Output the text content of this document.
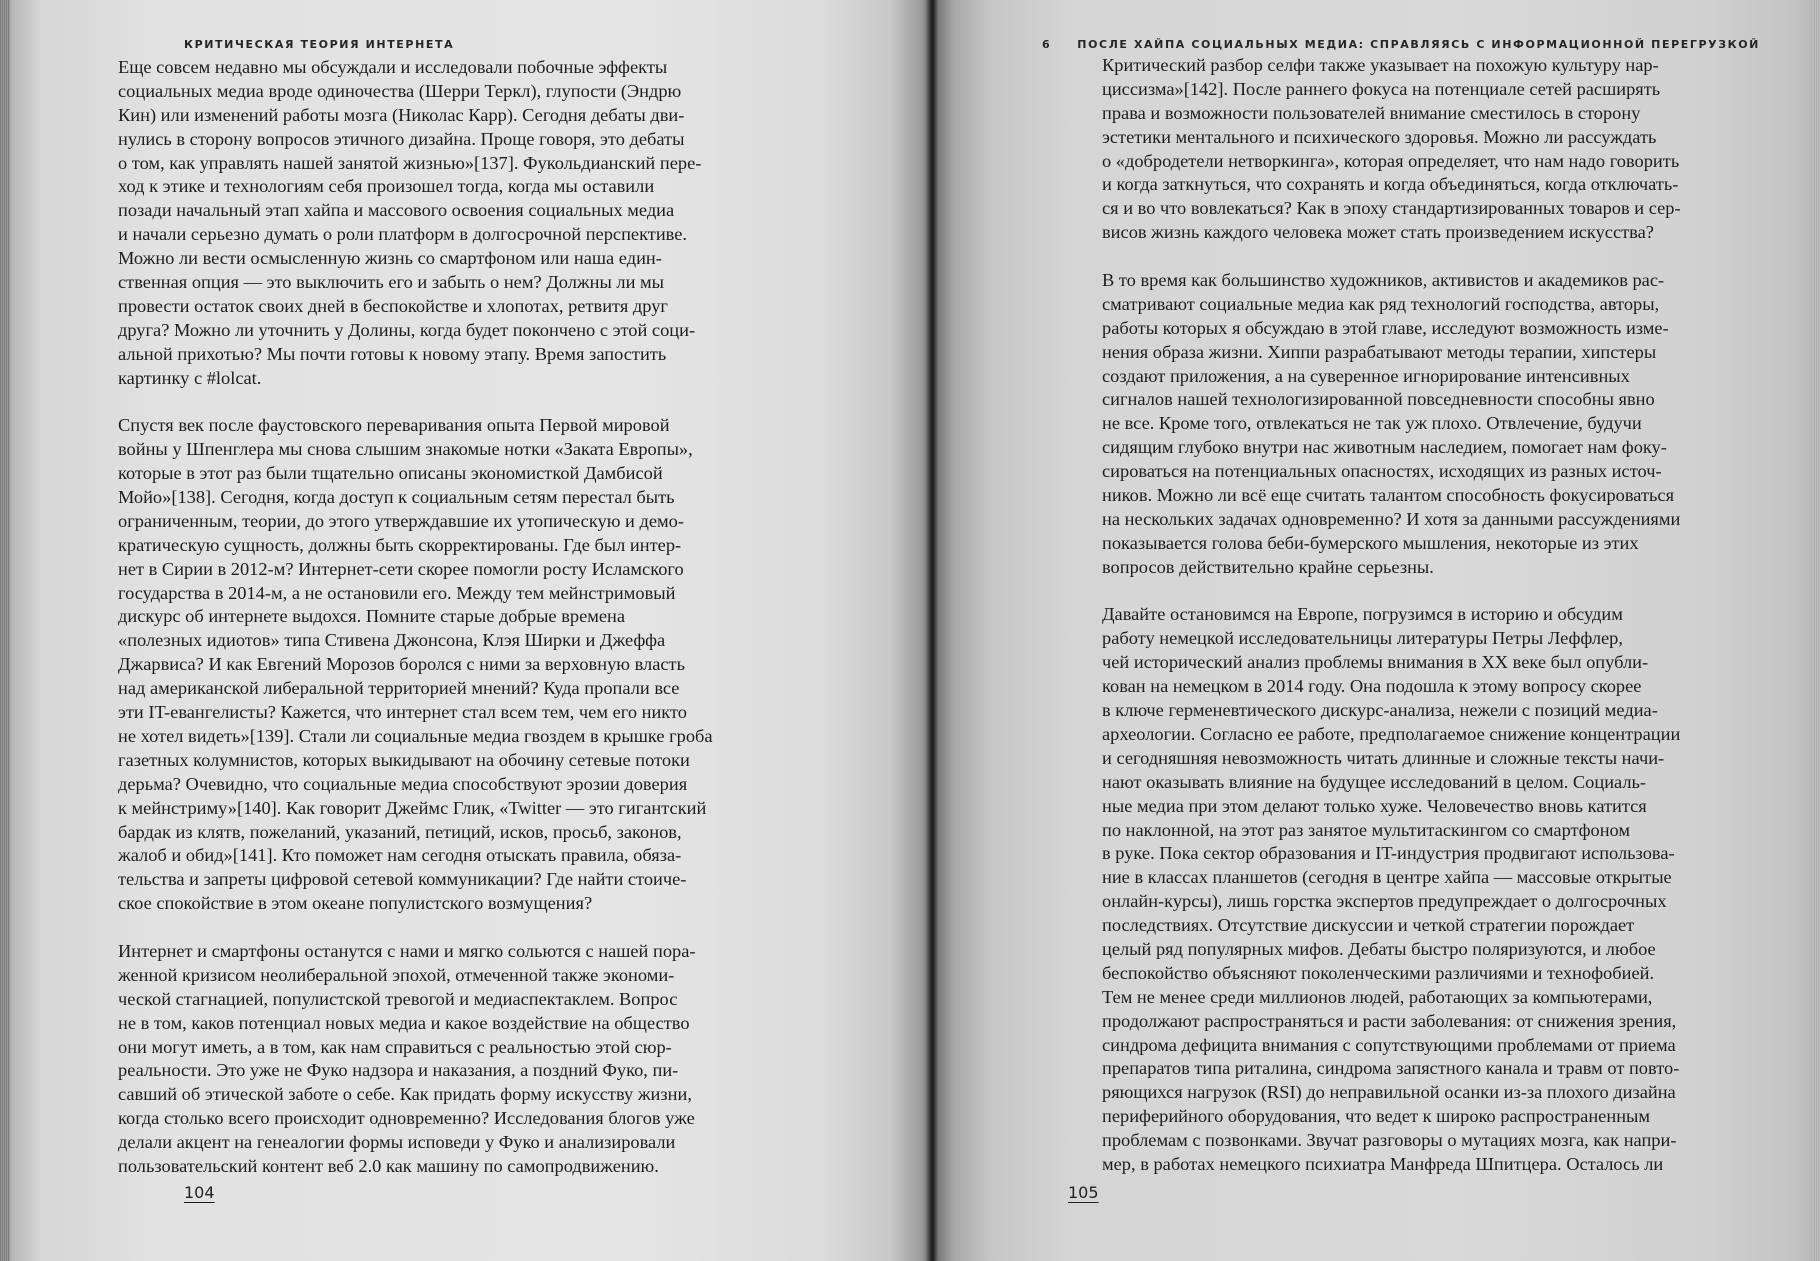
КРИТИЧЕСКАЯ ТЕОРИЯ ИНТЕРНЕТА
Еще совсем недавно мы обсуждали и исследовали побочные эффекты
социальных медиа вроде одиночества (Шерри Теркл), глупости (Эндрю
Кин) или изменений работы мозга (Николас Карр). Сегодня дебаты дви-
нулись в сторону вопросов этичного дизайна. Проще говоря, это дебаты
о том, как управлять нашей занятой жизнью»[137]. Фукольдианский пере-
ход к этике и технологиям себя произошел тогда, когда мы оставили
позади начальный этап хайпа и массового освоения социальных медиа
и начали серьезно думать о роли платформ в долгосрочной перспективе.
Можно ли вести осмысленную жизнь со смартфоном или наша един-
ственная опция — это выключить его и забыть о нем? Должны ли мы
провести остаток своих дней в беспокойстве и хлопотах, ретвитя друг
друга? Можно ли уточнить у Долины, когда будет покончено с этой соци-
альной прихотью? Мы почти готовы к новому этапу. Время запостить
картинку с #lolcat.
Спустя век после фаустовского переваривания опыта Первой мировой
войны у Шпенглера мы снова слышим знакомые нотки «Заката Европы»,
которые в этот раз были тщательно описаны экономисткой Дамбисой
Мойо»[138]. Сегодня, когда доступ к социальным сетям перестал быть
ограниченным, теории, до этого утверждавшие их утопическую и демо-
кратическую сущность, должны быть скорректированы. Где был интер-
нет в Сирии в 2012-м? Интернет-сети скорее помогли росту Исламского
государства в 2014-м, а не остановили его. Между тем мейнстримовый
дискурс об интернете выдохся. Помните старые добрые времена
«полезных идиотов» типа Стивена Джонсона, Клэя Ширки и Джеффа
Джарвиса? И как Евгений Морозов боролся с ними за верховную власть
над американской либеральной территорией мнений? Куда пропали все
эти IT-евангелисты? Кажется, что интернет стал всем тем, чем его никто
не хотел видеть»[139]. Стали ли социальные медиа гвоздем в крышке гроба
газетных колумнистов, которых выкидывают на обочину сетевые потоки
дерьма? Очевидно, что социальные медиа способствуют эрозии доверия
к мейнстриму»[140]. Как говорит Джеймс Глик, «Twitter — это гигантский
бардак из клятв, пожеланий, указаний, петиций, исков, просьб, законов,
жалоб и обид»[141]. Кто поможет нам сегодня отыскать правила, обяза-
тельства и запреты цифровой сетевой коммуникации? Где найти стоиче-
ское спокойствие в этом океане популистского возмущения?
Интернет и смартфоны останутся с нами и мягко сольются с нашей пора-
женной кризисом неолиберальной эпохой, отмеченной также экономи-
ческой стагнацией, популистской тревогой и медиаспектаклем. Вопрос
не в том, каков потенциал новых медиа и какое воздействие на общество
они могут иметь, а в том, как нам справиться с реальностью этой сюр-
реальности. Это уже не Фуко надзора и наказания, а поздний Фуко, пи-
савший об этической заботе о себе. Как придать форму искусству жизни,
когда столько всего происходит одновременно? Исследования блогов уже
делали акцент на генеалогии формы исповеди у Фуко и анализировали
пользовательский контент веб 2.0 как машину по самопродвижению.
104
6 ПОСЛЕ ХАЙПА СОЦИАЛЬНЫХ МЕДИА: СПРАВЛЯЯСЬ С ИНФОРМАЦИОННОЙ ПЕРЕГРУЗКОЙ
Критический разбор селфи также указывает на похожую культуру нар-
циссизма»[142]. После раннего фокуса на потенциале сетей расширять
права и возможности пользователей внимание сместилось в сторону
эстетики ментального и психического здоровья. Можно ли рассуждать
о «добродетели нетворкинга», которая определяет, что нам надо говорить
и когда заткнуться, что сохранять и когда объединяться, когда отключать-
ся и во что вовлекаться? Как в эпоху стандартизированных товаров и сер-
висов жизнь каждого человека может стать произведением искусства?
В то время как большинство художников, активистов и академиков рас-
сматривают социальные медиа как ряд технологий господства, авторы,
работы которых я обсуждаю в этой главе, исследуют возможность изме-
нения образа жизни. Хиппи разрабатывают методы терапии, хипстеры
создают приложения, а на суверенное игнорирование интенсивных
сигналов нашей технологизированной повседневности способны явно
не все. Кроме того, отвлекаться не так уж плохо. Отвлечение, будучи
сидящим глубоко внутри нас животным наследием, помогает нам фоку-
сироваться на потенциальных опасностях, исходящих из разных источ-
ников. Можно ли всё еще считать талантом способность фокусироваться
на нескольких задачах одновременно? И хотя за данными рассуждениями
показывается голова беби-бумерского мышления, некоторые из этих
вопросов действительно крайне серьезны.
Давайте остановимся на Европе, погрузимся в историю и обсудим
работу немецкой исследовательницы литературы Петры Леффлер,
чей исторический анализ проблемы внимания в XX веке был опубли-
кован на немецком в 2014 году. Она подошла к этому вопросу скорее
в ключе герменевтического дискурс-анализа, нежели с позиций медиа-
археологии. Согласно ее работе, предполагаемое снижение концентрации
и сегодняшняя невозможность читать длинные и сложные тексты начи-
нают оказывать влияние на будущее исследований в целом. Социаль-
ные медиа при этом делают только хуже. Человечество вновь катится
по наклонной, на этот раз занятое мультитаскингом со смартфоном
в руке. Пока сектор образования и IT-индустрия продвигают использова-
ние в классах планшетов (сегодня в центре хайпа — массовые открытые
онлайн-курсы), лишь горстка экспертов предупреждает о долгосрочных
последствиях. Отсутствие дискуссии и четкой стратегии порождает
целый ряд популярных мифов. Дебаты быстро поляризуются, и любое
беспокойство объясняют поколенческими различиями и технофобией.
Тем не менее среди миллионов людей, работающих за компьютерами,
продолжают распространяться и расти заболевания: от снижения зрения,
синдрома дефицита внимания с сопутствующими проблемами от приема
препаратов типа риталина, синдрома запястного канала и травм от повто-
ряющихся нагрузок (RSI) до неправильной осанки из-за плохого дизайна
периферийного оборудования, что ведет к широко распространенным
проблемам с позвонками. Звучат разговоры о мутациях мозга, как напри-
мер, в работах немецкого психиатра Манфреда Шпитцера. Осталось ли
105
